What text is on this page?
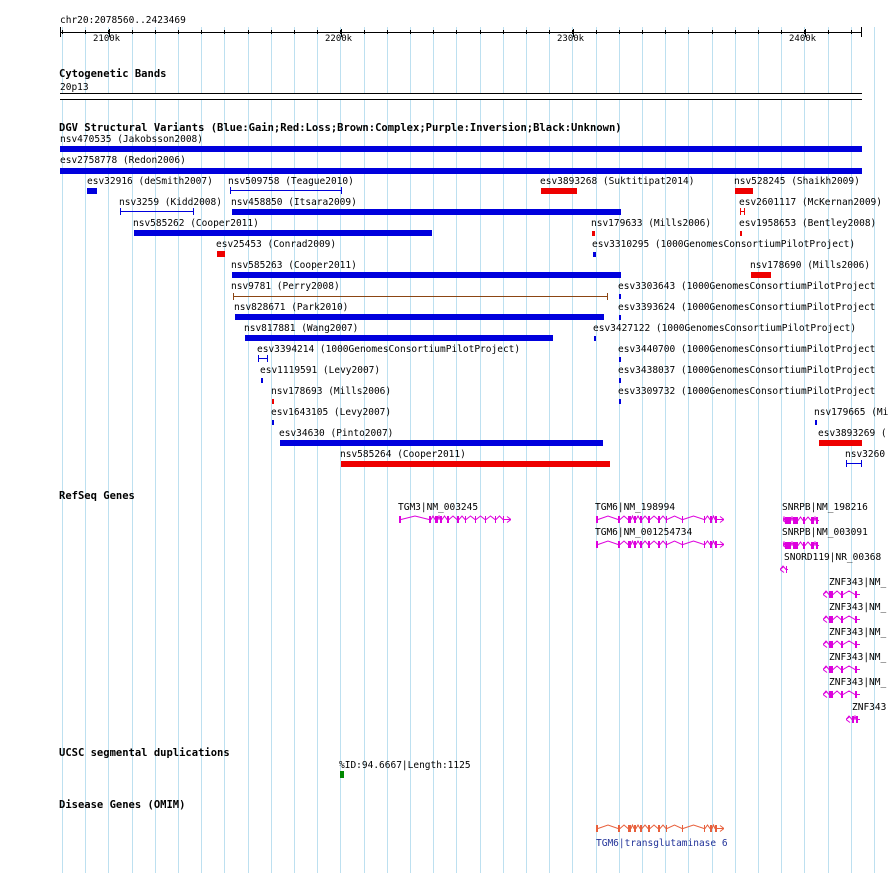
chr20:2078560..2423469
2100k	2200k	2300k	2400k
Cytogenetic Bands
20p13
DGV Structural Variants (Blue:Gain;Red:Loss;Brown:Complex;Purple:Inversion;Black:Unknown)
nsv470535 (Jakobsson2008)
esv2758778 (Redon2006)
esv32916 (deSmith2007) nsv509758 (Teague2010)	esv3893268 (Suktitipat2014)	nsv528245 (Shaikh2009)
nsv3259 (Kidd2008) nsv458850 (Itsara2009)	esv2601117 (McKernan2009)
nsv585262 (Cooper2011)	nsv179633 (Mills2006)	esv1958653 (Bentley2008)
esv25453 (Conrad2009)	esv3310295 (1000GenomesConsortiumPilotProject)
nsv585263 (Cooper2011)	nsv178690 (Mills2006)
nsv9781 (Perry2008)	esv3303643 (1000GenomesConsortiumPilotProject
nsv828671 (Park2010)	esv3393624 (1000GenomesConsortiumPilotProject
nsv817881 (Wang2007)	esv3427122 (1000GenomesConsortiumPilotProject)
esv3394214 (1000GenomesConsortiumPilotProject)	esv3440700 (1000GenomesConsortiumPilotProject
esv1119591 (Levy2007)	esv3438037 (1000GenomesConsortiumPilotProject
nsv178693 (Mills2006)	esv3309732 (1000GenomesConsortiumPilotProject
esv1643105 (Levy2007)	nsv179665 (Mi
esv34630 (Pinto2007)	esv3893269 (
nsv585264 (Cooper2011)	nsv3260
RefSeq Genes
TGM3|NM_003245	TGM6|NM_198994
TGM6|NM_001254734
SNRPB|NM_198216
SNRPB|NM_003091
SNORD119|NR_00368
ZNF343|NM_
ZNF343|NM_
ZNF343|NM_
ZNF343|NM_
ZNF343|NM_
ZNF343
UCSC segmental duplications
%ID:94.6667|Length:1125
Disease Genes (OMIM)
TGM6|transglutaminase 6
